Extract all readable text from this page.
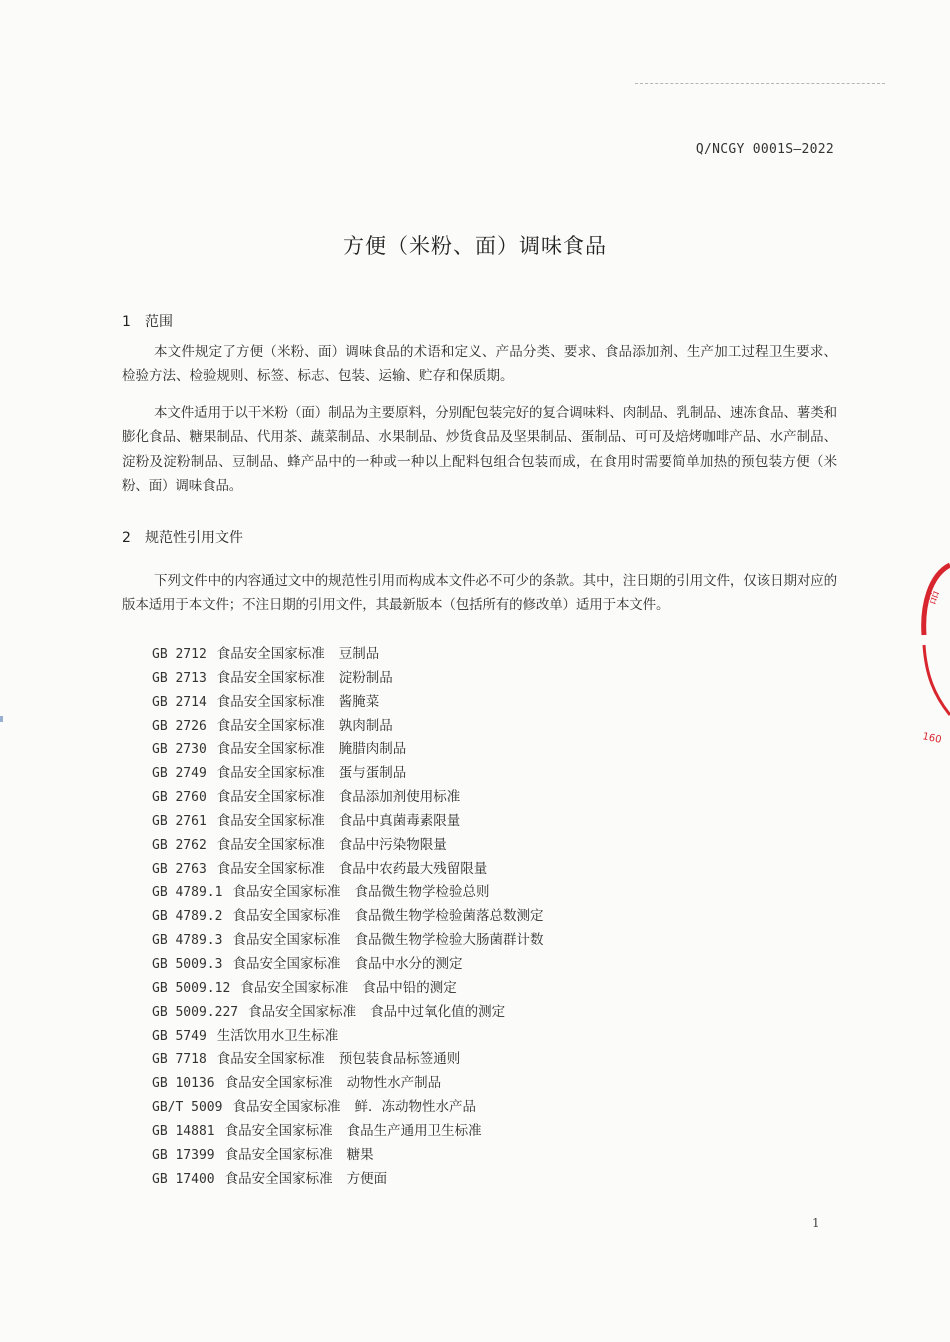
Q/NCGY 0001S—2022
方便（米粉、面）调味食品
1 范围

本文件规定了方便（米粉、面）调味食品的术语和定义、产品分类、要求、食品添加剂、生产加工过程卫生要求、检验方法、检验规则、标签、标志、包装、运输、贮存和保质期。

本文件适用于以干米粉（面）制品为主要原料，分别配包装完好的复合调味料、肉制品、乳制品、速冻食品、薯类和膨化食品、糖果制品、代用茶、蔬菜制品、水果制品、炒货食品及坚果制品、蛋制品、可可及焙烤咖啡产品、水产制品、淀粉及淀粉制品、豆制品、蜂产品中的一种或一种以上配料包组合包装而成，在食用时需要简单加热的预包装方便（米粉、面）调味食品。

2 规范性引用文件

下列文件中的内容通过文中的规范性引用而构成本文件必不可少的条款。其中，注日期的引用文件，仅该日期对应的版本适用于本文件；不注日期的引用文件，其最新版本（包括所有的修改单）适用于本文件。

GB 2712 食品安全国家标准 豆制品
GB 2713 食品安全国家标准 淀粉制品
GB 2714 食品安全国家标准 酱腌菜
GB 2726 食品安全国家标准 孰肉制品
GB 2730 食品安全国家标准 腌腊肉制品
GB 2749 食品安全国家标准 蛋与蛋制品
GB 2760 食品安全国家标准 食品添加剂使用标准
GB 2761 食品安全国家标准 食品中真菌毒素限量
GB 2762 食品安全国家标准 食品中污染物限量
GB 2763 食品安全国家标准 食品中农药最大残留限量
GB 4789.1 食品安全国家标准 食品微生物学检验总则
GB 4789.2 食品安全国家标准 食品微生物学检验菌落总数测定
GB 4789.3 食品安全国家标准 食品微生物学检验大肠菌群计数
GB 5009.3 食品安全国家标准 食品中水分的测定
GB 5009.12 食品安全国家标准 食品中铅的测定
GB 5009.227 食品安全国家标准 食品中过氧化值的测定
GB 5749 生活饮用水卫生标准
GB 7718 食品安全国家标准 预包装食品标签通则
GB 10136 食品安全国家标准 动物性水产制品
GB/T 5009 食品安全国家标准 鲜．冻动物性水产品
GB 14881 食品安全国家标准 食品生产通用卫生标准
GB 17399 食品安全国家标准 糖果
GB 17400 食品安全国家标准 方便面
1
品
160
